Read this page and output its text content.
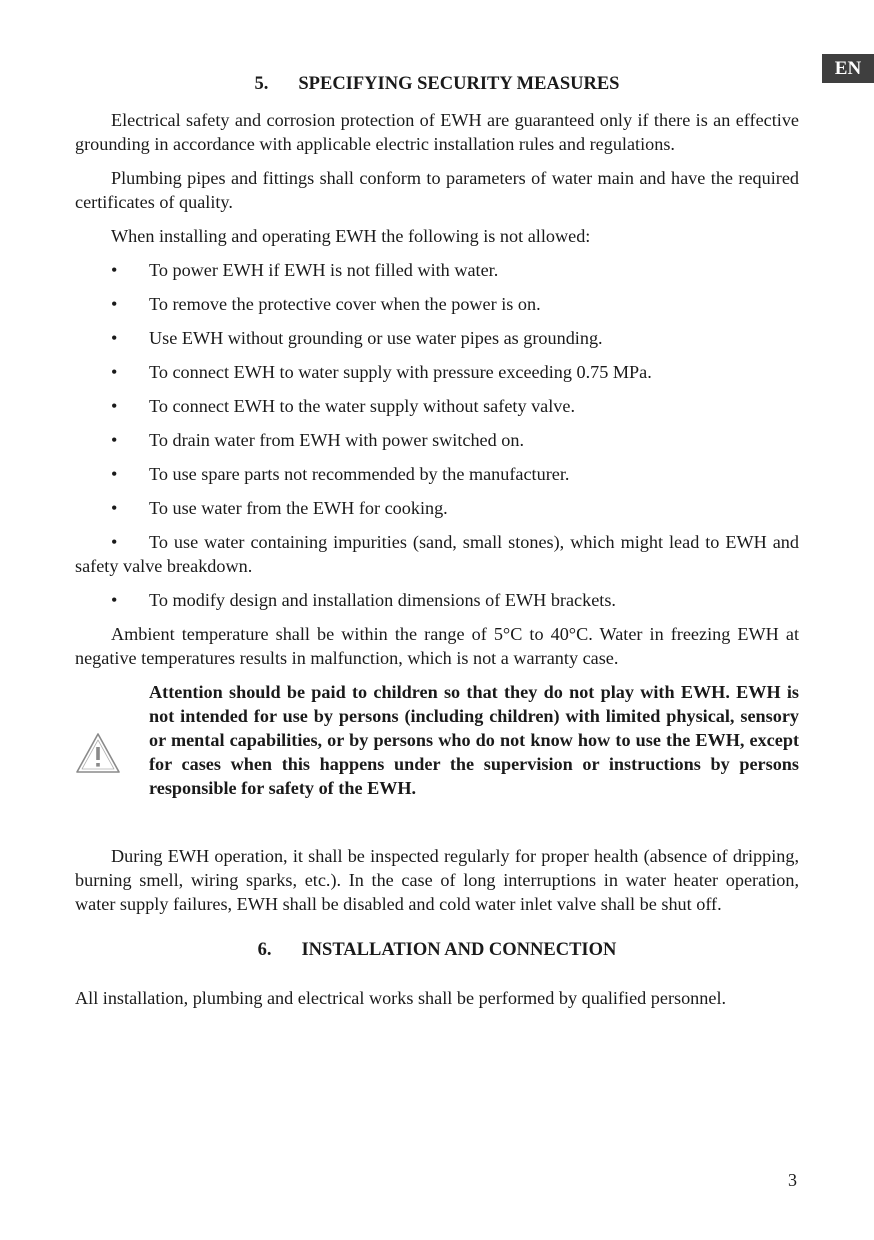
EN
5. SPECIFYING SECURITY MEASURES

Electrical safety and corrosion protection of EWH are guaranteed only if there is an effective grounding in accordance with applicable electric installation rules and regulations.

Plumbing pipes and fittings shall conform to parameters of water main and have the required certificates of quality.

When installing and operating EWH the following is not allowed:

• To power EWH if EWH is not filled with water.
• To remove the protective cover when the power is on.
• Use EWH without grounding or use water pipes as grounding.
• To connect EWH to water supply with pressure exceeding 0.75 MPa.
• To connect EWH to the water supply without safety valve.
• To drain water from EWH with power switched on.
• To use spare parts not recommended by the manufacturer.
• To use water from the EWH for cooking.
• To use water containing impurities (sand, small stones), which might lead to EWH and safety valve breakdown.
• To modify design and installation dimensions of EWH brackets.

Ambient temperature shall be within the range of 5°C to 40°C. Water in freezing EWH at negative temperatures results in malfunction, which is not a warranty case.

Attention should be paid to children so that they do not play with EWH. EWH is not intended for use by persons (including children) with limited physical, sensory or mental capabilities, or by persons who do not know how to use the EWH, except for cases when this happens under the supervision or instructions by persons responsible for safety of the EWH.

During EWH operation, it shall be inspected regularly for proper health (absence of dripping, burning smell, wiring sparks, etc.). In the case of long interruptions in water heater operation, water supply failures, EWH shall be disabled and cold water inlet valve shall be shut off.

6. INSTALLATION AND CONNECTION

All installation, plumbing and electrical works shall be performed by qualified personnel.

3
